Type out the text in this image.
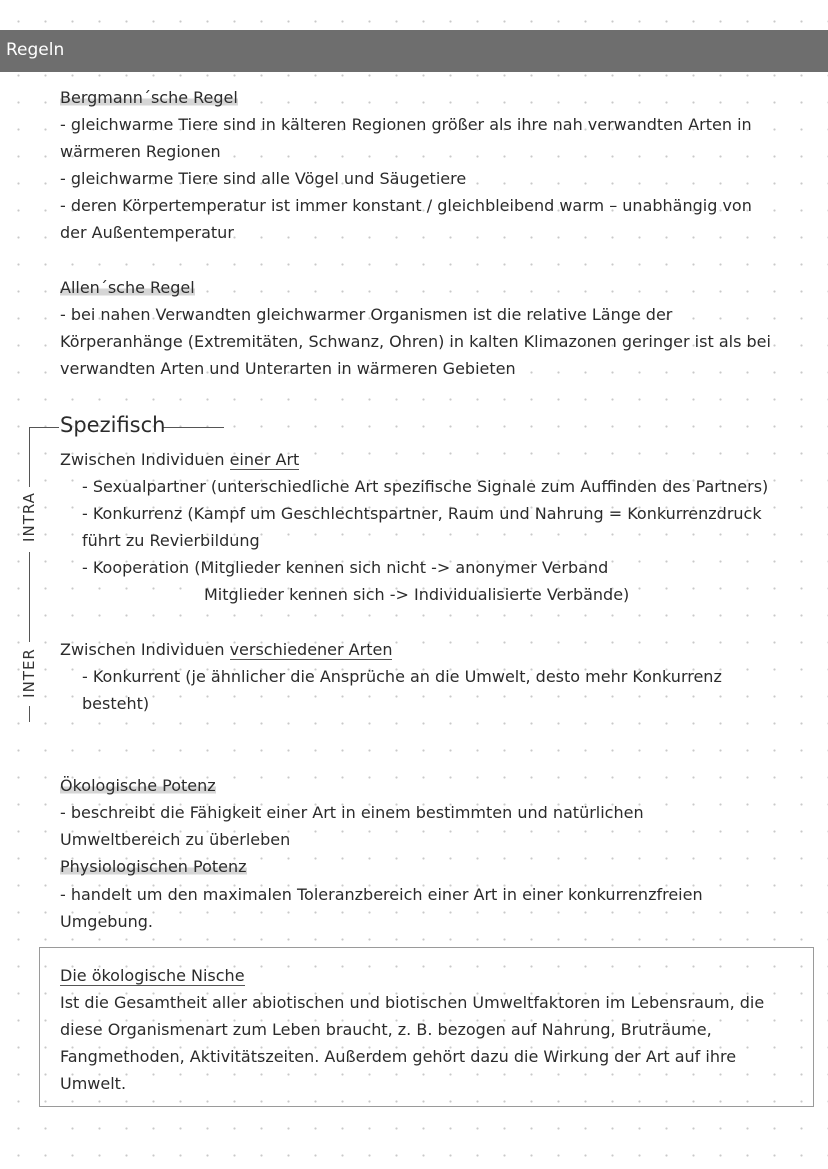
Regeln
Bergmann´sche Regel
- gleichwarme Tiere sind in kälteren Regionen größer als ihre nah verwandten Arten in
wärmeren Regionen
- gleichwarme Tiere sind alle Vögel und Säugetiere
- deren Körpertemperatur ist immer konstant / gleichbleibend warm – unabhängig von
der Außentemperatur
Allen´sche Regel
- bei nahen Verwandten gleichwarmer Organismen ist die relative Länge der
Körperanhänge (Extremitäten, Schwanz, Ohren) in kalten Klimazonen geringer ist als bei
verwandten Arten und Unterarten in wärmeren Gebieten
INTRA
INTER
Spezifisch
Zwischen Individuen einer Art
- Sexualpartner (unterschiedliche Art spezifische Signale zum Auffinden des Partners)
- Konkurrenz (Kampf um Geschlechtspartner, Raum und Nahrung = Konkurrenzdruck
führt zu Revierbildung
- Kooperation (Mitglieder kennen sich nicht -> anonymer Verband
Mitglieder kennen sich -> Individualisierte Verbände)
Zwischen Individuen verschiedener Arten
- Konkurrent (je ähnlicher die Ansprüche an die Umwelt, desto mehr Konkurrenz
besteht)
Ökologische Potenz
- beschreibt die Fähigkeit einer Art in einem bestimmten und natürlichen
Umweltbereich zu überleben
Physiologischen Potenz
- handelt um den maximalen Toleranzbereich einer Art in einer konkurrenzfreien
Umgebung.
Die ökologische Nische
Ist die Gesamtheit aller abiotischen und biotischen Umweltfaktoren im Lebensraum, die
diese Organismenart zum Leben braucht, z. B. bezogen auf Nahrung, Bruträume,
Fangmethoden, Aktivitätszeiten. Außerdem gehört dazu die Wirkung der Art auf ihre
Umwelt.
